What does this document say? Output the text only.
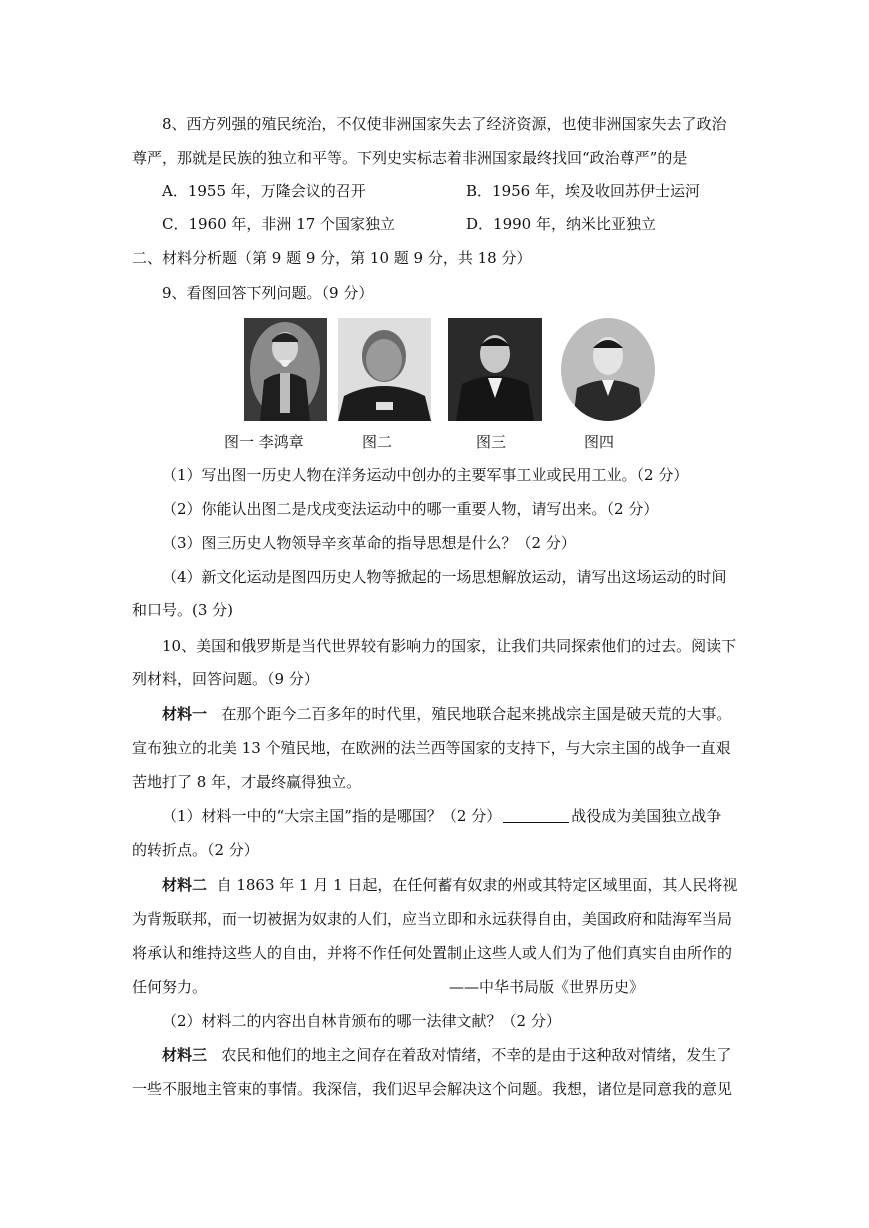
8、西方列强的殖民统治，不仅使非洲国家失去了经济资源，也使非洲国家失去了政治
尊严，那就是民族的独立和平等。下列史实标志着非洲国家最终找回“政治尊严”的是
A．1955 年，万隆会议的召开	B．1956 年，埃及收回苏伊士运河
C．1960 年，非洲 17 个国家独立	D．1990 年，纳米比亚独立
二、材料分析题（第 9 题 9 分，第 10 题 9 分，共 18 分）
9、看图回答下列问题。（9 分）
图一 李鸿章	图二	图三	图四
（1）写出图一历史人物在洋务运动中创办的主要军事工业或民用工业。（2 分）
（2）你能认出图二是戊戌变法运动中的哪一重要人物，请写出来。（2 分）
（3）图三历史人物领导辛亥革命的指导思想是什么？（2 分）
（4）新文化运动是图四历史人物等掀起的一场思想解放运动，请写出这场运动的时间
和口号。(3 分)
10、美国和俄罗斯是当代世界较有影响力的国家，让我们共同探索他们的过去。阅读下
列材料，回答问题。（9 分）
材料一 在那个距今二百多年的时代里，殖民地联合起来挑战宗主国是破天荒的大事。
宣布独立的北美 13 个殖民地，在欧洲的法兰西等国家的支持下，与大宗主国的战争一直艰
苦地打了 8 年，才最终赢得独立。
（1）材料一中的“大宗主国”指的是哪国？（2 分）	战役成为美国独立战争
的转折点。（2 分）
材料二 自 1863 年 1 月 1 日起，在任何蓄有奴隶的州或其特定区域里面，其人民将视
为背叛联邦，而一切被据为奴隶的人们，应当立即和永远获得自由，美国政府和陆海军当局
将承认和维持这些人的自由，并将不作任何处置制止这些人或人们为了他们真实自由所作的
任何努力。	——中华书局版《世界历史》
（2）材料二的内容出自林肯颁布的哪一法律文献？（2 分）
材料三 农民和他们的地主之间存在着敌对情绪，不幸的是由于这种敌对情绪，发生了
一些不服地主管束的事情。我深信，我们迟早会解决这个问题。我想，诸位是同意我的意见
